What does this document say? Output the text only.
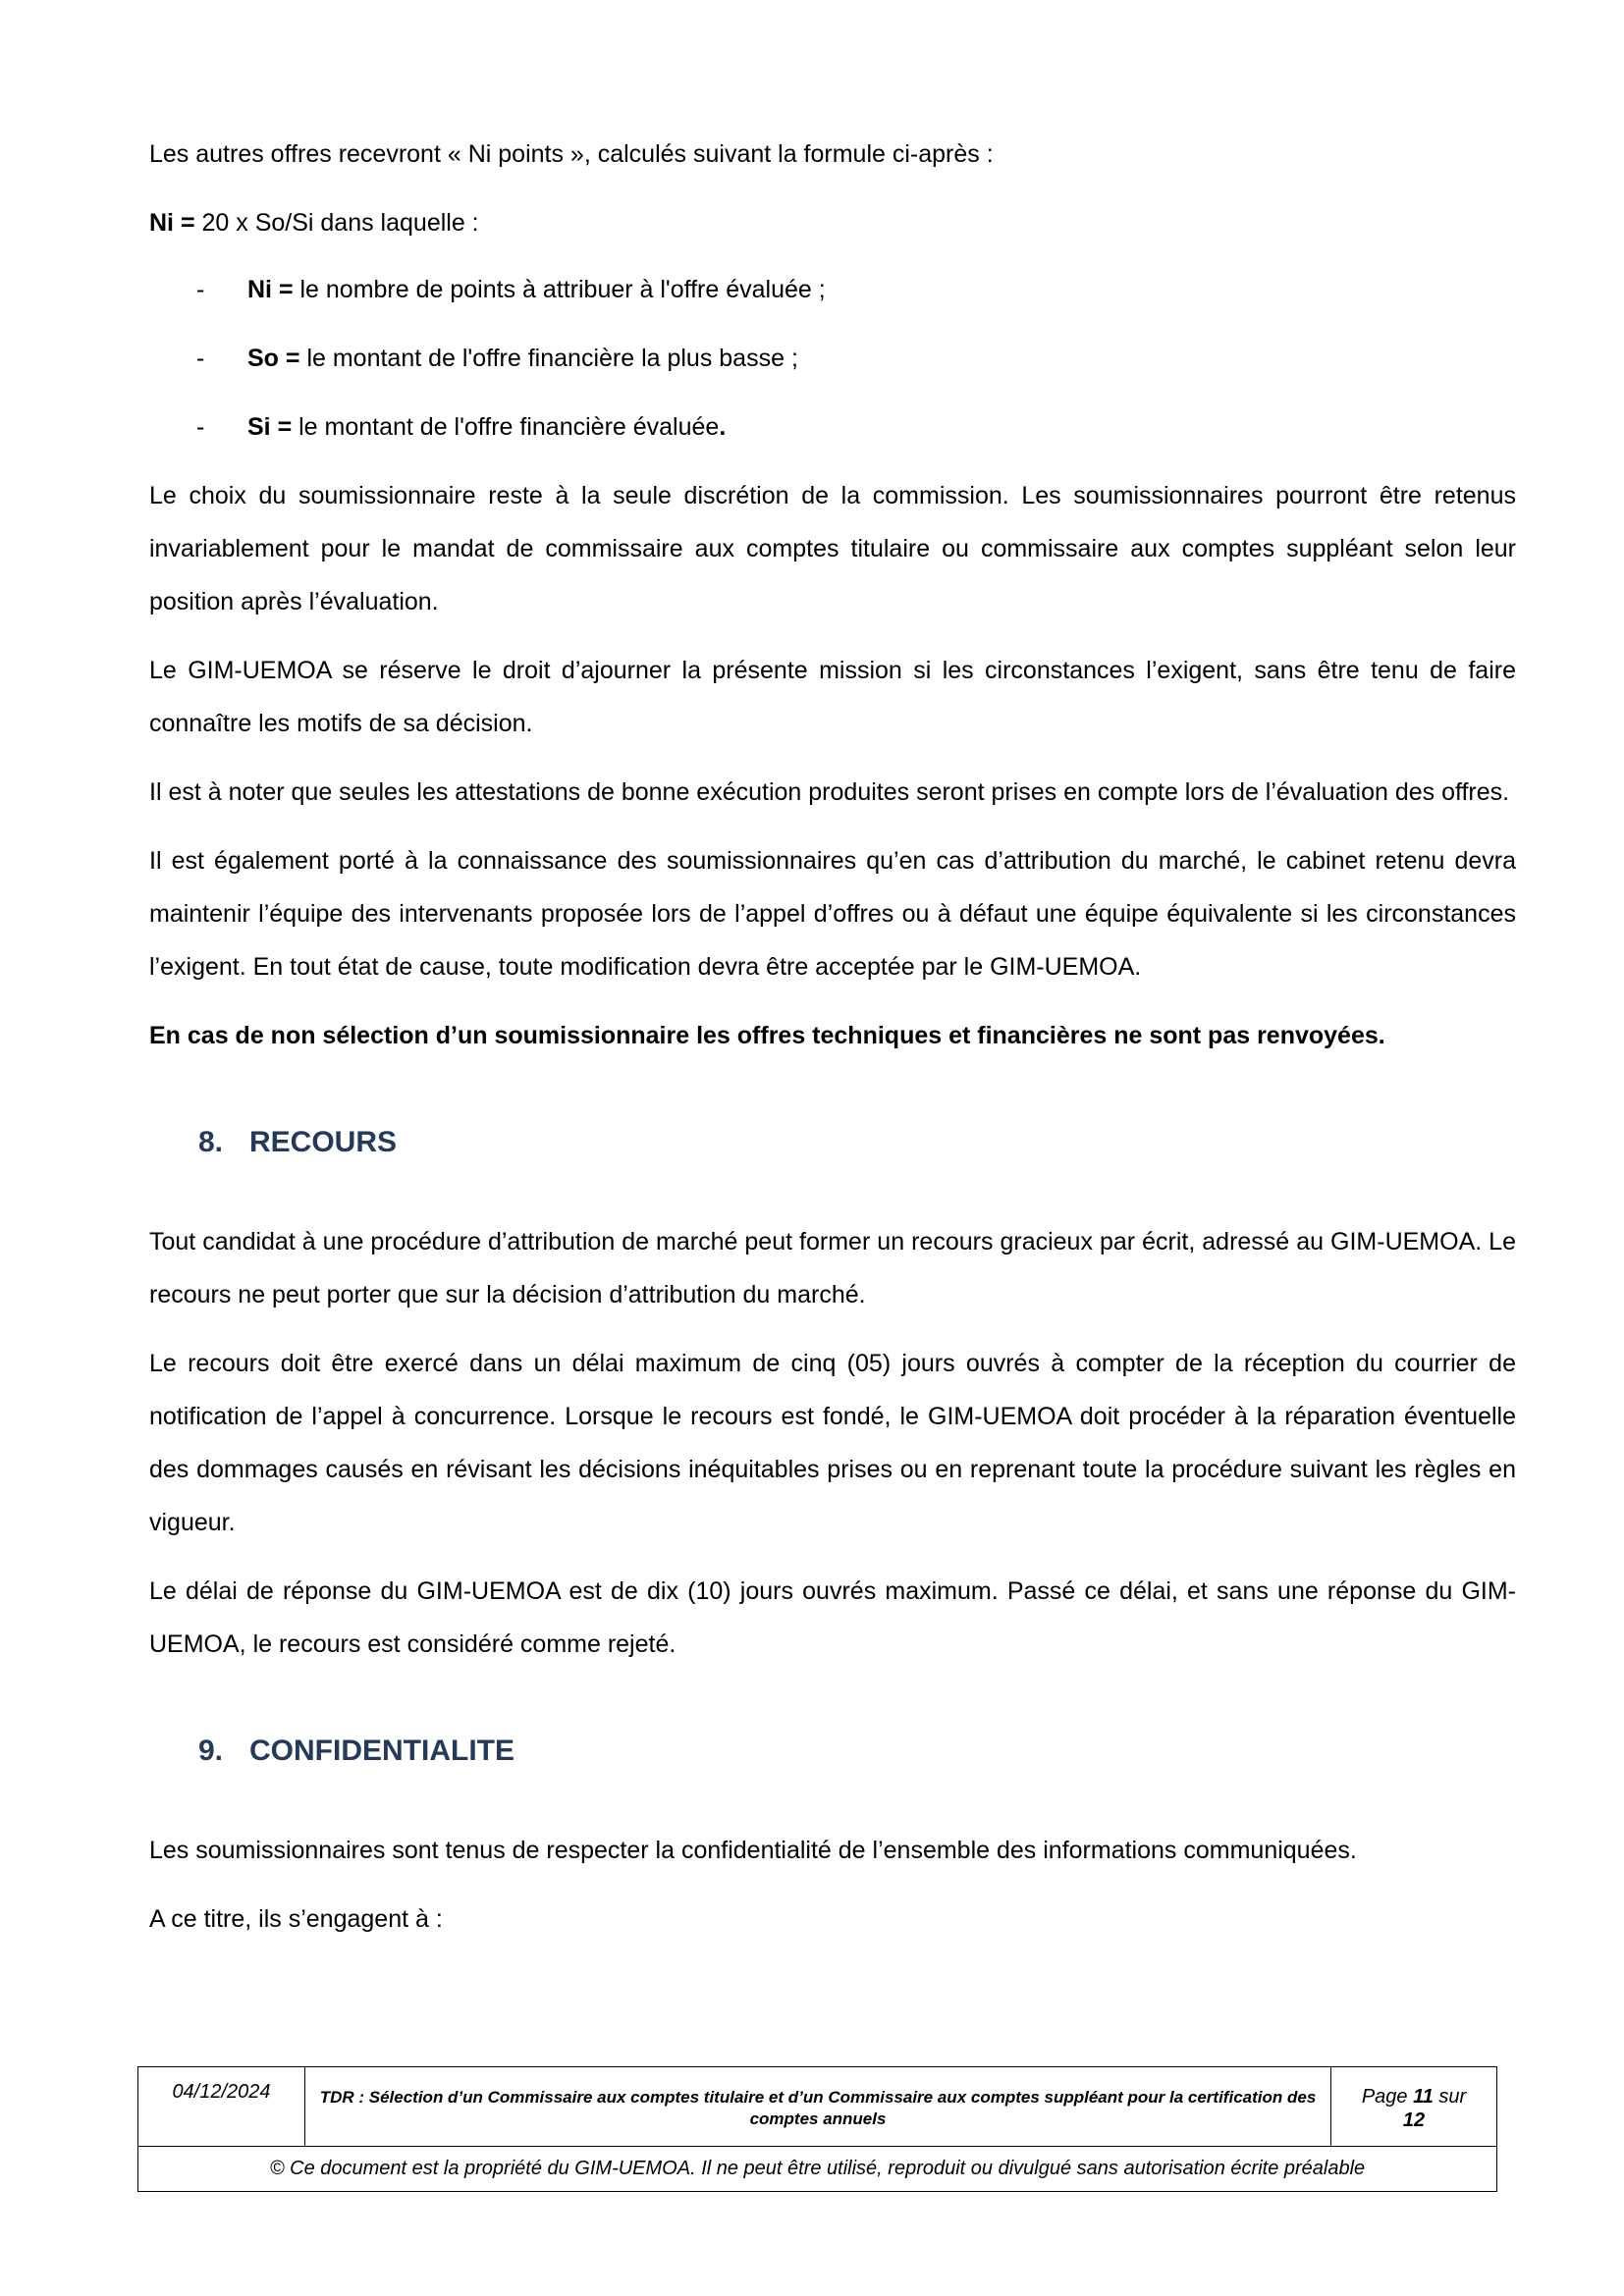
Les autres offres recevront « Ni points », calculés suivant la formule ci-après :

Ni = 20 x So/Si dans laquelle :

- Ni = le nombre de points à attribuer à l'offre évaluée ;
- So = le montant de l'offre financière la plus basse ;
- Si = le montant de l'offre financière évaluée.

Le choix du soumissionnaire reste à la seule discrétion de la commission. Les soumissionnaires pourront être retenus invariablement pour le mandat de commissaire aux comptes titulaire ou commissaire aux comptes suppléant selon leur position après l’évaluation.

Le GIM-UEMOA se réserve le droit d’ajourner la présente mission si les circonstances l’exigent, sans être tenu de faire connaître les motifs de sa décision.

Il est à noter que seules les attestations de bonne exécution produites seront prises en compte lors de l’évaluation des offres.

Il est également porté à la connaissance des soumissionnaires qu’en cas d’attribution du marché, le cabinet retenu devra maintenir l’équipe des intervenants proposée lors de l’appel d’offres ou à défaut une équipe équivalente si les circonstances l’exigent. En tout état de cause, toute modification devra être acceptée par le GIM-UEMOA.

En cas de non sélection d’un soumissionnaire les offres techniques et financières ne sont pas renvoyées.

8. RECOURS

Tout candidat à une procédure d’attribution de marché peut former un recours gracieux par écrit, adressé au GIM-UEMOA. Le recours ne peut porter que sur la décision d’attribution du marché.

Le recours doit être exercé dans un délai maximum de cinq (05) jours ouvrés à compter de la réception du courrier de notification de l’appel à concurrence. Lorsque le recours est fondé, le GIM-UEMOA doit procéder à la réparation éventuelle des dommages causés en révisant les décisions inéquitables prises ou en reprenant toute la procédure suivant les règles en vigueur.

Le délai de réponse du GIM-UEMOA est de dix (10) jours ouvrés maximum. Passé ce délai, et sans une réponse du GIM-UEMOA, le recours est considéré comme rejeté.

9. CONFIDENTIALITE

Les soumissionnaires sont tenus de respecter la confidentialité de l’ensemble des informations communiquées.

A ce titre, ils s’engagent à :

04/12/2024	TDR : Sélection d’un Commissaire aux comptes titulaire et d’un Commissaire aux comptes suppléant pour la certification des comptes annuels
Page 11 sur
12
© Ce document est la propriété du GIM-UEMOA. Il ne peut être utilisé, reproduit ou divulgué sans autorisation écrite préalable
